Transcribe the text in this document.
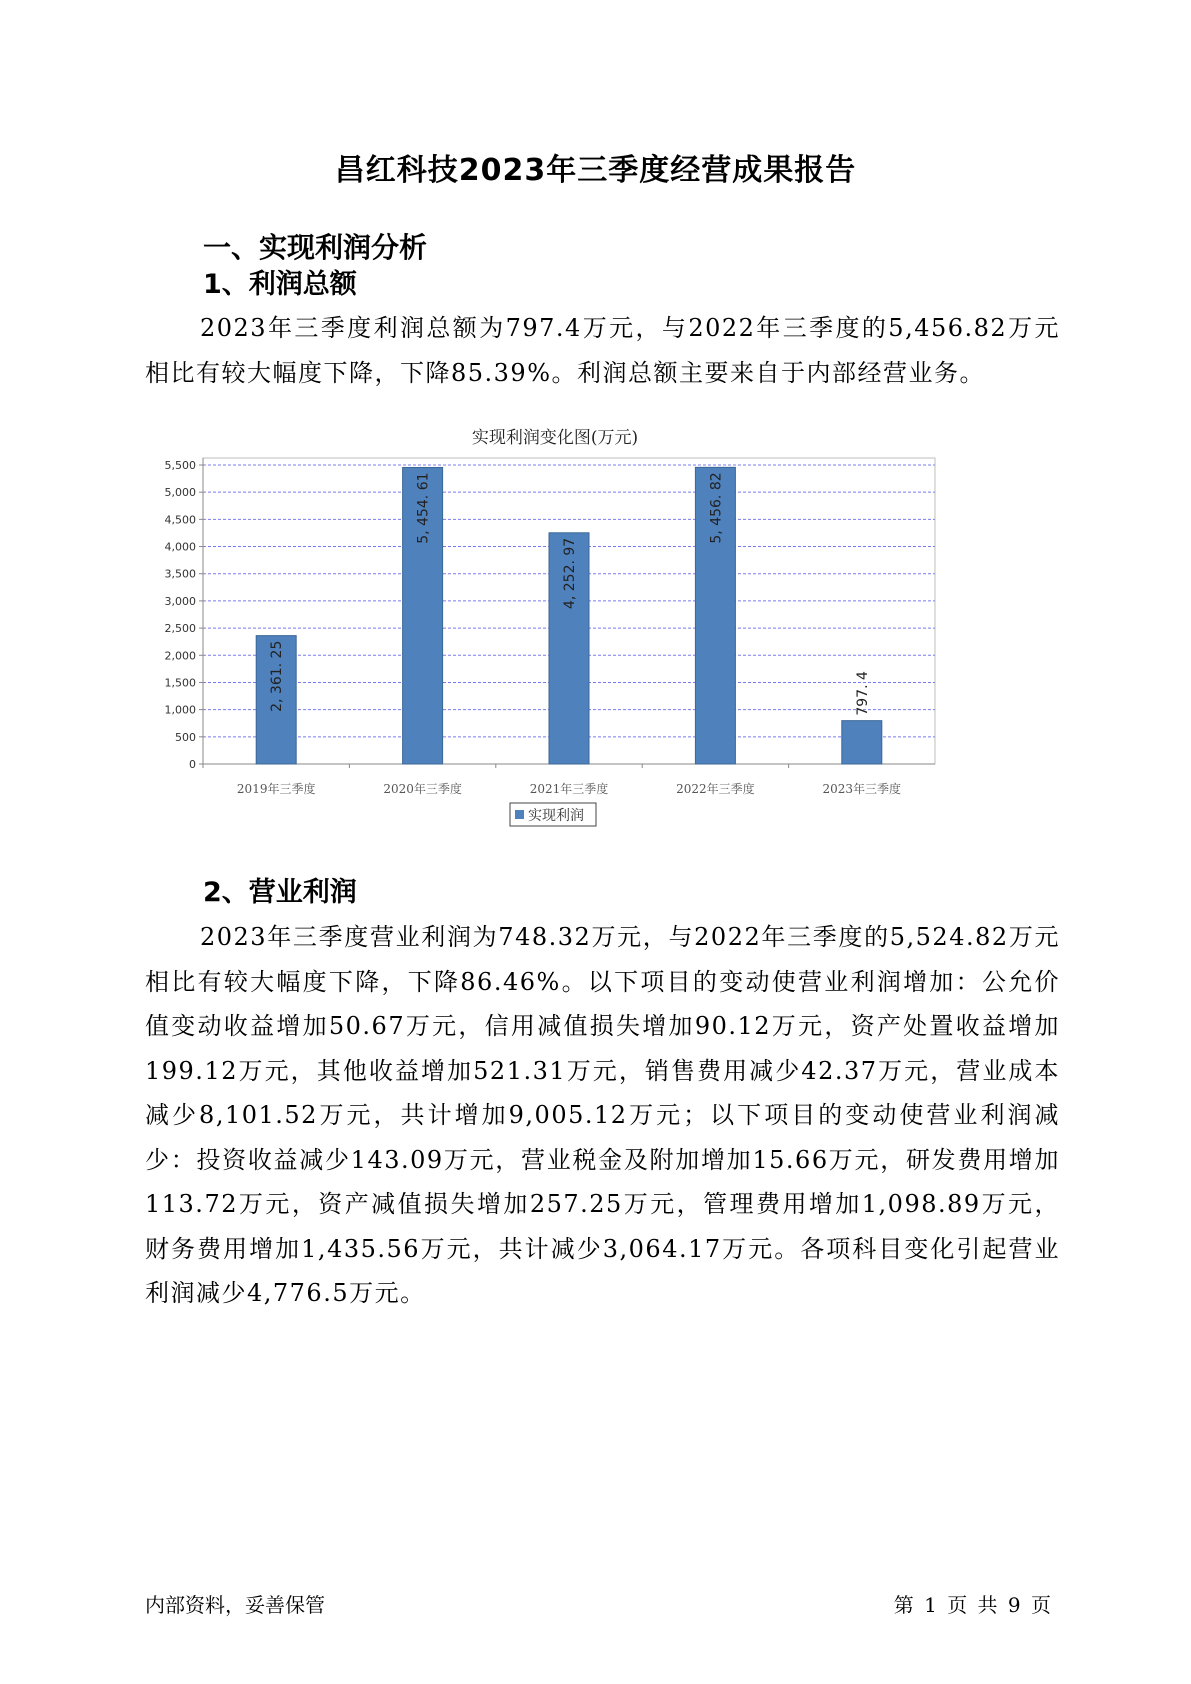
昌红科技2023年三季度经营成果报告
一、实现利润分析
1、利润总额
2023年三季度利润总额为797.4万元，与2022年三季度的5,456.82万元相比有较大幅度下降，下降85.39%。利润总额主要来自于内部经营业务。
实现利润变化图(万元)
0
500
1,000
1,500
2,000
2,500
3,000
3,500
4,000
4,500
5,000
5,500
2019年三季度
2, 361. 25
2020年三季度
5, 454. 61
2021年三季度
4, 252. 97
2022年三季度
5, 456. 82
2023年三季度
797. 4
实现利润
2、营业利润
2023年三季度营业利润为748.32万元，与2022年三季度的5,524.82万元相比有较大幅度下降，下降86.46%。以下项目的变动使营业利润增加：公允价值变动收益增加50.67万元，信用减值损失增加90.12万元，资产处置收益增加199.12万元，其他收益增加521.31万元，销售费用减少42.37万元，营业成本减少8,101.52万元，共计增加9,005.12万元；以下项目的变动使营业利润减少：投资收益减少143.09万元，营业税金及附加增加15.66万元，研发费用增加113.72万元，资产减值损失增加257.25万元，管理费用增加1,098.89万元，财务费用增加1,435.56万元，共计减少3,064.17万元。各项科目变化引起营业利润减少4,776.5万元。
内部资料，妥善保管	第 1 页 共 9 页
